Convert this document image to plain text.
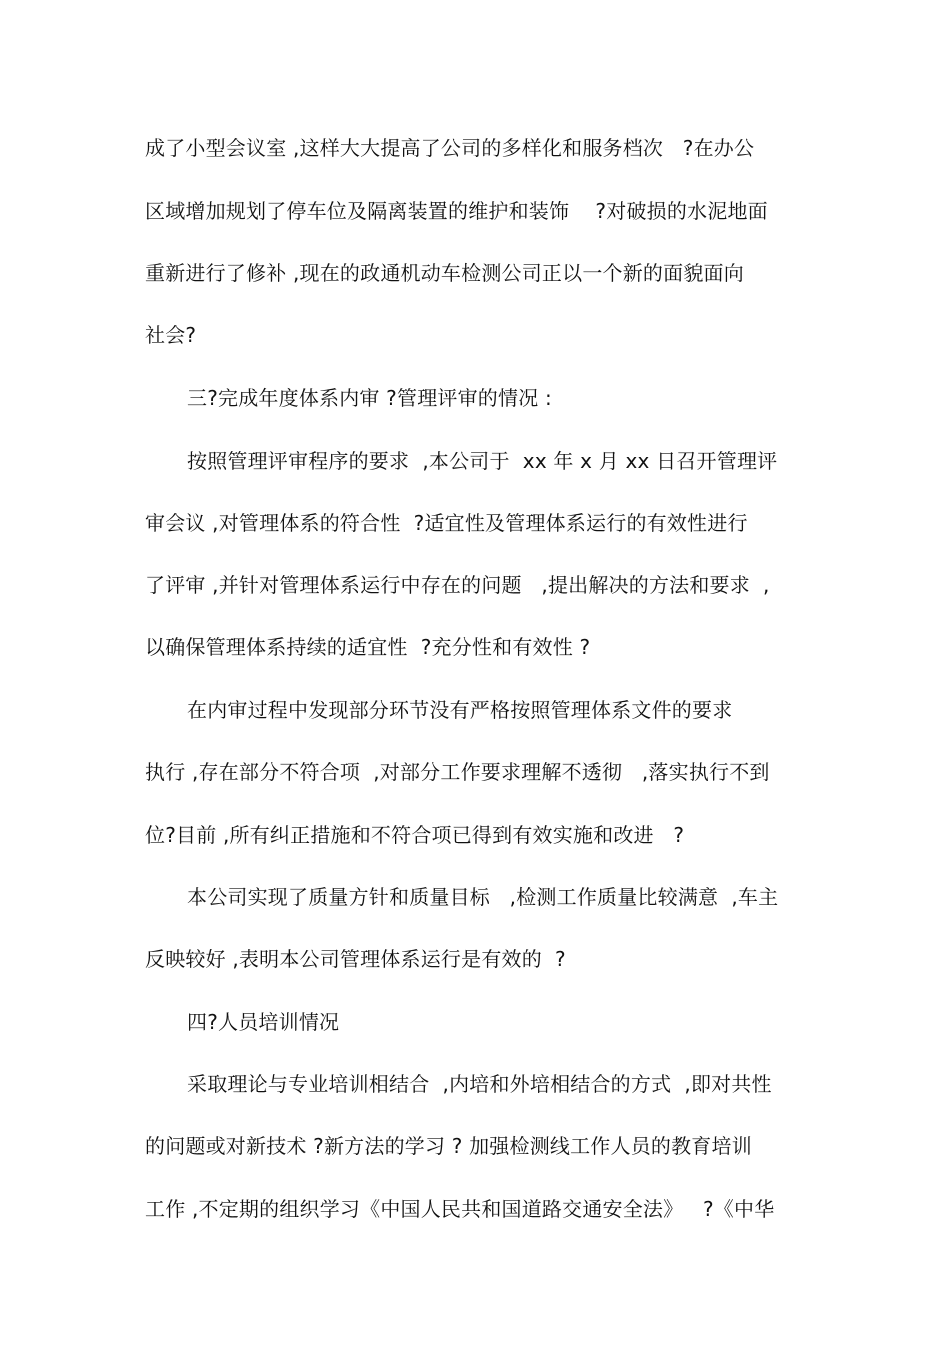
成了小型会议室 ,这样大大提高了公司的多样化和服务档次   ?在办公
区域增加规划了停车位及隔离装置的维护和装饰    ?对破损的水泥地面
重新进行了修补 ,现在的政通机动车检测公司正以一个新的面貌面向
社会?
三?完成年度体系内审 ?管理评审的情况 :
按照管理评审程序的要求  ,本公司于  xx 年 x 月 xx 日召开管理评
审会议 ,对管理体系的符合性  ?适宜性及管理体系运行的有效性进行
了评审 ,并针对管理体系运行中存在的问题   ,提出解决的方法和要求  ,
以确保管理体系持续的适宜性  ?充分性和有效性 ?
在内审过程中发现部分环节没有严格按照管理体系文件的要求
执行 ,存在部分不符合项  ,对部分工作要求理解不透彻   ,落实执行不到
位?目前 ,所有纠正措施和不符合项已得到有效实施和改进   ?
本公司实现了质量方针和质量目标   ,检测工作质量比较满意  ,车主
反映较好 ,表明本公司管理体系运行是有效的  ?
四?人员培训情况
采取理论与专业培训相结合  ,内培和外培相结合的方式  ,即对共性
的问题或对新技术 ?新方法的学习 ? 加强检测线工作人员的教育培训
工作 ,不定期的组织学习《中国人民共和国道路交通安全法》   ?《中华
